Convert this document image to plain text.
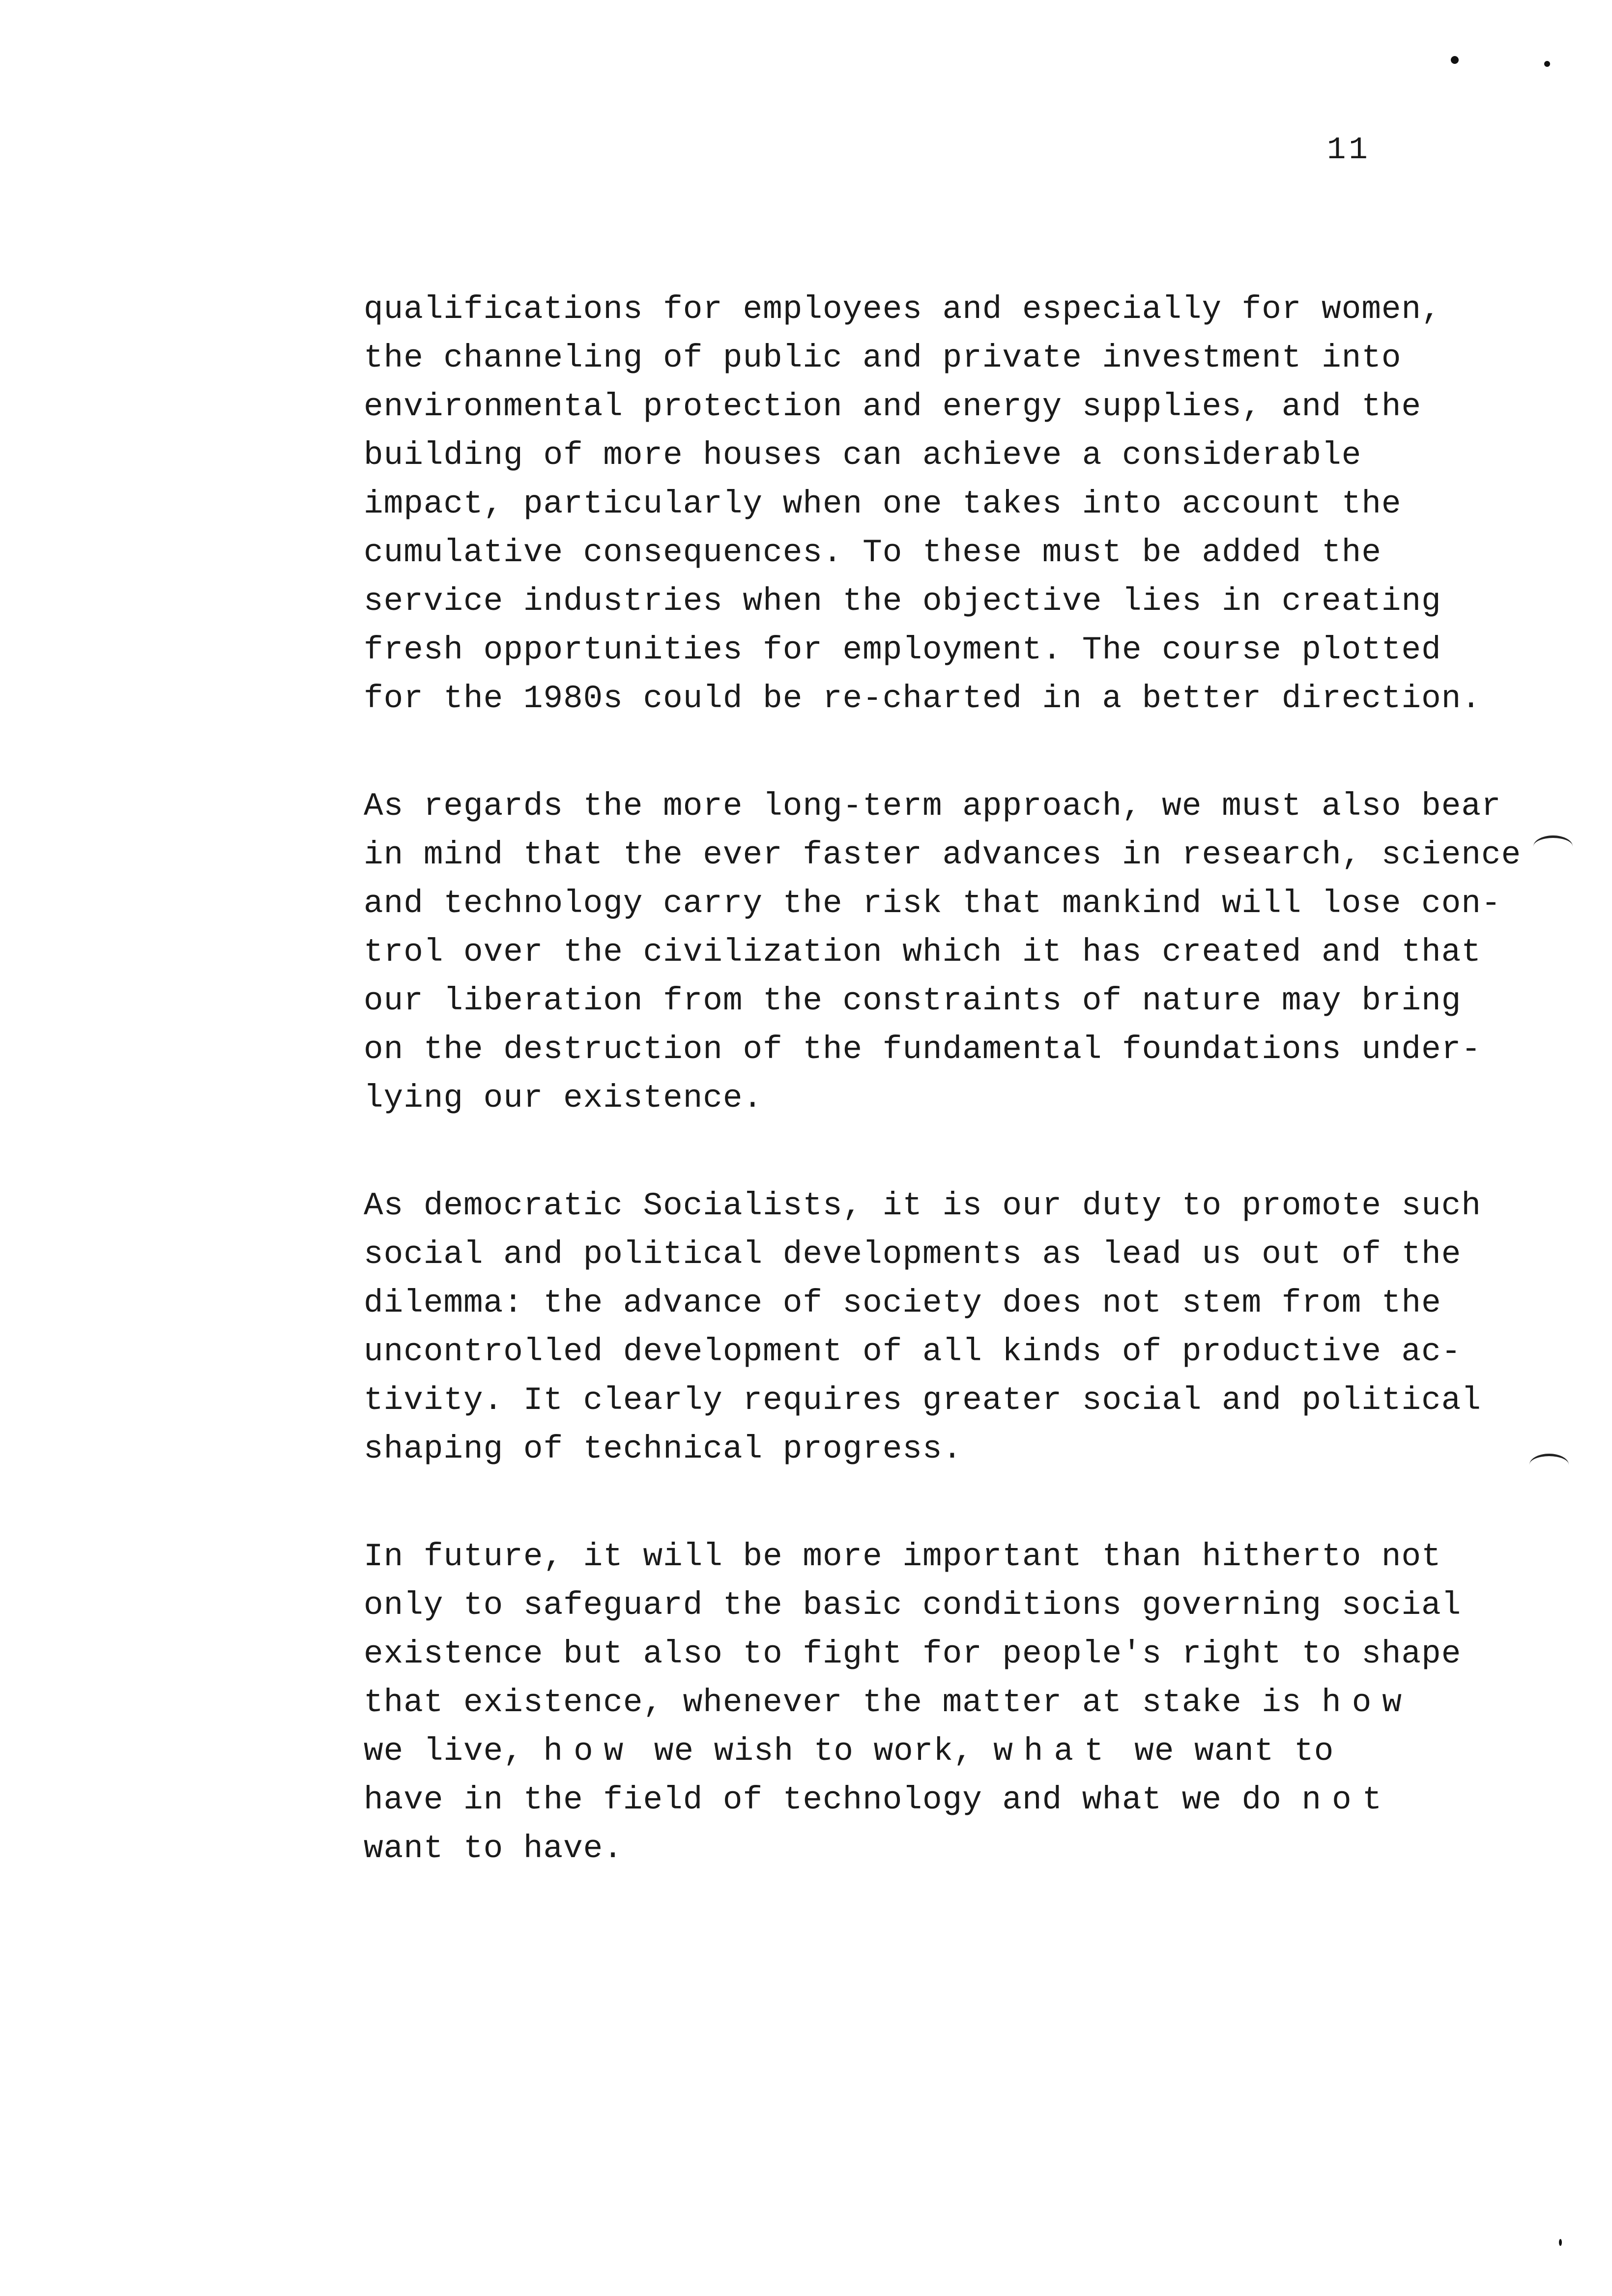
11
qualifications for employees and especially for women,
the channeling of public and private investment into
environmental protection and energy supplies, and the
building of more houses can achieve a considerable
impact, particularly when one takes into account the
cumulative consequences. To these must be added the
service industries when the objective lies in creating
fresh opportunities for employment. The course plotted
for the 1980s could be re-charted in a better direction.
As regards the more long-term approach, we must also bear
in mind that the ever faster advances in research, science
and technology carry the risk that mankind will lose con-
trol over the civilization which it has created and that
our liberation from the constraints of nature may bring
on the destruction of the fundamental foundations under-
lying our existence.
As democratic Socialists, it is our duty to promote such
social and political developments as lead us out of the
dilemma: the advance of society does not stem from the
uncontrolled development of all kinds of productive ac-
tivity. It clearly requires greater social and political
shaping of technical progress.
In future, it will be more important than hitherto not
only to safeguard the basic conditions governing social
existence but also to fight for people's right to shape
that existence, whenever the matter at stake is how
we live, how we wish to work, what we want to
have in the field of technology and what we do not
want to have.
